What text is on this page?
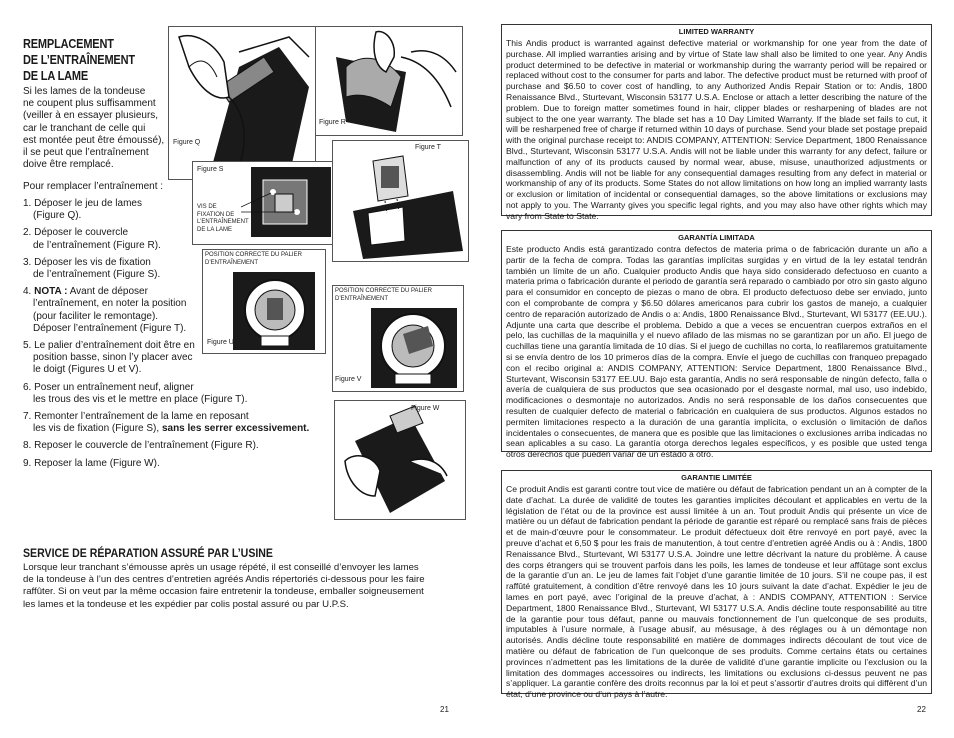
REMPLACEMENT
DE L’ENTRAÎNEMENT
DE LA LAME
Si les lames de la tondeuse
ne coupent plus suffisamment
(veiller à en essayer plusieurs,
car le tranchant de celle qui
est montée peut être émoussé),
il se peut que l’entraînement
doive être remplacé.
Pour remplacer l’entraînement :
1. Déposer le jeu de lames
(Figure Q).
2. Déposer le couvercle
de l’entraînement (Figure R).
3. Déposer les vis de fixation
de l’entraînement (Figure S).
4. NOTA : Avant de déposer
l’entraînement, en noter la position
(pour faciliter le remontage).
Déposer l’entraînement (Figure T).
5. Le palier d’entraînement doit être en
position basse, sinon l’y placer avec
le doigt (Figures U et V).
6. Poser un entraînement neuf, aligner
les trous des vis et le mettre en place (Figure T).
7. Remonter l’entraînement de la lame en reposant
les vis de fixation (Figure S), sans les serrer excessivement.
8. Reposer le couvercle de l’entraînement (Figure R).
9. Reposer la lame (Figure W).
Figure Q
Figure R
Figure S
VIS DE
FIXATION DE
L’ENTRAÎNEMENT
DE LA LAME
Figure T
POSITION CORRECTE DU PALIER
D’ENTRAÎNEMENT
Figure U
POSITION CORRECTE DU PALIER
D’ENTRAÎNEMENT
Figure V
Figure W
SERVICE DE RÉPARATION ASSURÉ PAR L’USINE
Lorsque leur tranchant s’émousse après un usage répété, il est conseillé d’envoyer les lames
de la tondeuse à l’un des centres d’entretien agréés Andis répertoriés ci-dessous pour les faire
raffûter. Si on veut par la même occasion faire entretenir la tondeuse, emballer soigneusement
les lames et la tondeuse et les expédier par colis postal assuré ou par U.P.S.
21
LIMITED WARRANTY
This Andis product is warranted against defective material or workmanship for one year from the date of purchase. All implied warranties arising and by virtue of State law shall also be limited to one year. Any Andis product determined to be defective in material or workmanship during the warranty period will be repaired or replaced without cost to the consumer for parts and labor. The defective product must be returned with proof of purchase and $6.50 to cover cost of handling, to any Authorized Andis Repair Station or to: Andis, 1800 Renaissance Blvd., Sturtevant, Wisconsin 53177 U.S.A. Enclose or attach a letter describing the nature of the problem. Due to foreign matter sometimes found in hair, clipper blades or resharpening of blades are not subject to the one year warranty. The blade set has a 10 Day Limited Warranty. If the blade set fails to cut, it will be resharpened free of charge if returned within 10 days of purchase. Send your blade set postage prepaid with the original purchase receipt to: ANDIS COMPANY, ATTENTION: Service Department, 1800 Renaissance Blvd., Sturtevant, Wisconsin 53177 U.S.A. Andis will not be liable under this warranty for any defect, failure or malfunction of any of its products caused by normal wear, abuse, misuse, unauthorized adjustments or disassembling. Andis will not be liable for any consequential damages resulting from any defect in material or workmanship of any of its products. Some States do not allow limitations on how long an implied warranty lasts or exclusion or limitation of incidental or consequential damages, so the above limitations or exclusions may not apply to you. The Warranty gives you specific legal rights, and you may also have other rights which may vary from State to State.
GARANTÍA LIMITADA
Este producto Andis está garantizado contra defectos de materia prima o de fabricación durante un año a partir de la fecha de compra. Todas las garantías implícitas surgidas y en virtud de la ley estatal tendrán también un límite de un año. Cualquier producto Andis que haya sido considerado defectuoso en cuanto a materia prima o fabricación durante el periodo de garantía será reparado o cambiado por otro sin gasto alguno para el consumidor en concepto de piezas o mano de obra. El producto defectuoso debe ser enviado, junto con el comprobante de compra y $6.50 dólares americanos para cubrir los gastos de manejo, a cualquier centro de reparación autorizado de Andis o a: Andis, 1800 Renaissance Blvd., Sturtevant, WI 53177 (EE.UU.). Adjunte una carta que describe el problema. Debido a que a veces se encuentran cuerpos extraños en el pelo, las cuchillas de la maquinilla y el nuevo afilado de las mismas no se garantizan por un año. El juego de cuchillas tiene una garantía limitada de 10 días. Si el juego de cuchillas no corta, lo reafilaremos gratuitamente si se envía dentro de los 10 primeros días de la compra. Envíe el juego de cuchillas con franqueo prepagado con el recibo original a: ANDIS COMPANY, ATTENTION: Service Department, 1800 Renaissance Blvd., Sturtevant, Wisconsin 53177 EE.UU. Bajo esta garantía, Andis no será responsable de ningún defecto, falla o avería de cualquiera de sus productos que sea ocasionado por el desgaste normal, mal uso, uso indebido, modificaciones o desmontaje no autorizados. Andis no será responsable de los daños consecuentes que resulten de cualquier defecto de material o fabricación en cualquiera de sus productos. Algunos estados no permiten limitaciones respecto a la duración de una garantía implícita, o exclusión o limitación de daños incidentales o consecuentes, de manera que es posible que las limitaciones o exclusiones arriba indicadas no sean aplicables a su caso. La garantía otorga derechos legales específicos, y es posible que usted tenga otros derechos que pueden variar de un estado a otro.
GARANTIE LIMITÉE
Ce produit Andis est garanti contre tout vice de matière ou défaut de fabrication pendant un an à compter de la date d’achat. La durée de validité de toutes les garanties implicites découlant et applicables en vertu de la législation de l’état ou de la province est aussi limitée à un an. Tout produit Andis qui présente un vice de matière ou un défaut de fabrication pendant la période de garantie est réparé ou remplacé sans frais de pièces et de main-d’œuvre pour le consommateur. Le produit défectueux doit être renvoyé en port payé, avec la preuve d’achat et 6,50 $ pour les frais de manutention, à tout centre d’entretien agréé Andis ou à : Andis, 1800 Renaissance Blvd., Sturtevant, WI 53177 U.S.A. Joindre une lettre décrivant la nature du problème. À cause des corps étrangers qui se trouvent parfois dans les poils, les lames de tondeuse et leur affûtage sont exclus de la garantie d’un an. Le jeu de lames fait l’objet d’une garantie limitée de 10 jours. S’il ne coupe pas, il est raffûté gratuitement, à condition d’être renvoyé dans les 10 jours suivant la date d’achat. Expédier le jeu de lames en port payé, avec l’original de la preuve d’achat, à : ANDIS COMPANY, ATTENTION : Service Department, 1800 Renaissance Blvd., Sturtevant, WI 53177 U.S.A. Andis décline toute responsabilité au titre de la garantie pour tous défaut, panne ou mauvais fonctionnement de l’un quelconque de ses produits, imputables à l’usure normale, à l’usage abusif, au mésusage, à des réglages ou à un démontage non autorisés. Andis décline toute responsabilité en matière de dommages indirects découlant de tout vice de matière ou défaut de fabrication de l’un quelconque de ses produits. Comme certains états ou certaines provinces n’admettent pas les limitations de la durée de validité d’une garantie implicite ou l’exclusion ou la limitation des dommages accessoires ou indirects, les limitations ou exclusions ci-dessus peuvent ne pas s’appliquer. La garantie confère des droits reconnus par la loi et peut s’assortir d’autres droits qui diffèrent d’un état, d’une province ou d’un pays à l’autre.
22
